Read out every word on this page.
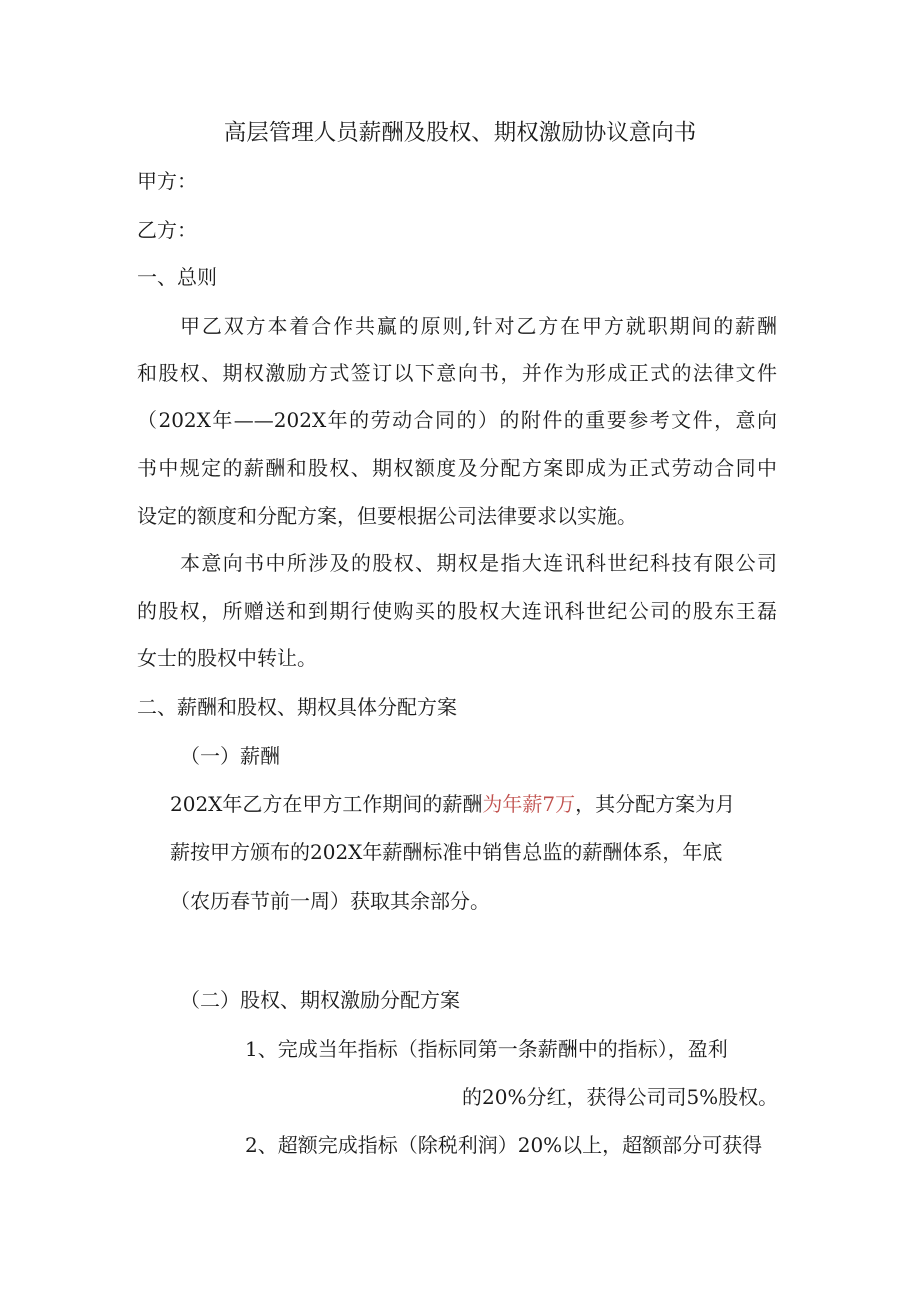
高层管理人员薪酬及股权、期权激励协议意向书

甲方：

乙方：

一、总则

甲乙双方本着合作共赢的原则,针对乙方在甲方就职期间的薪酬

和股权、期权激励方式签订以下意向书，并作为形成正式的法律文件

（202X年——202X年的劳动合同的）的附件的重要参考文件，意向

书中规定的薪酬和股权、期权额度及分配方案即成为正式劳动合同中

设定的额度和分配方案，但要根据公司法律要求以实施。

本意向书中所涉及的股权、期权是指大连讯科世纪科技有限公司

的股权，所赠送和到期行使购买的股权大连讯科世纪公司的股东王磊

女士的股权中转让。

二、薪酬和股权、期权具体分配方案

（一）薪酬

202X年乙方在甲方工作期间的薪酬为年薪7万，其分配方案为月

薪按甲方颁布的202X年薪酬标准中销售总监的薪酬体系，年底

（农历春节前一周）获取其余部分。

（二）股权、期权激励分配方案

1、完成当年指标（指标同第一条薪酬中的指标），盈利

的20%分红，获得公司司5%股权。

2、超额完成指标（除税利润）20%以上，超额部分可获得
